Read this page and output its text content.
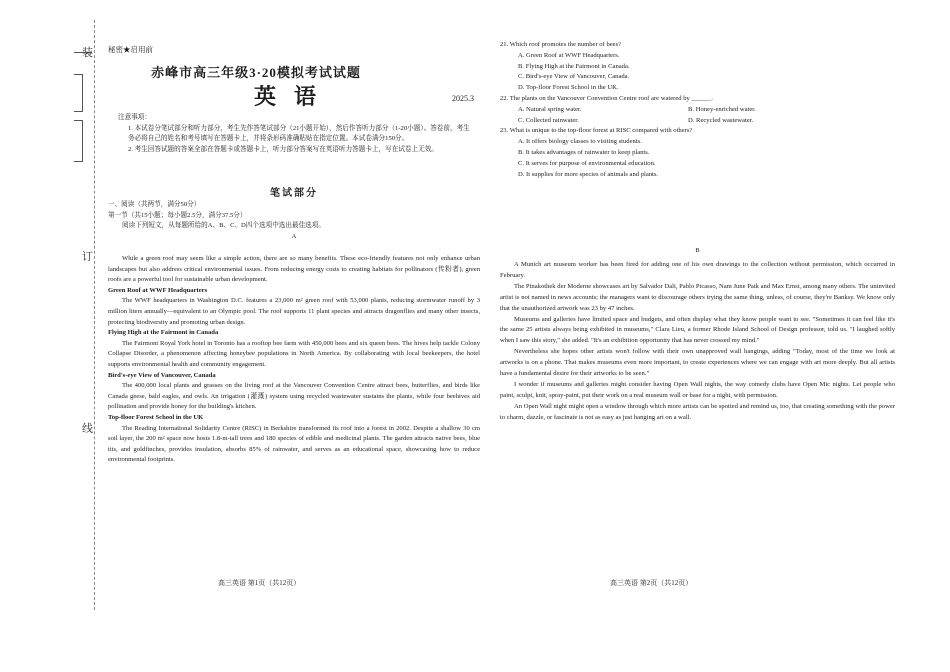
装
订
线
秘密★启用前
赤峰市高三年级3·20模拟考试试题
英语	2025.3

注意事项：

1. 本试卷分笔试部分和听力部分，考生先作答笔试部分（21小题开始），然后作答听力部分（1-20小题）。答卷前，考生务必将自己的姓名和考号填写在答题卡上，并将条形码准确粘贴在指定位置。本试卷满分150分。

2. 考生回答试题的答案全部在答题卡或答题卡上，听力部分答案写在英语听力答题卡上，写在试卷上无效。

笔试部分

一、阅读（共两节，满分50分）

第一节（共15小题；每小题2.5分，满分37.5分）

阅读下列短文，从每题所给的A、B、C、D四个选项中选出最佳选项。

A

While a green roof may seem like a simple action, there are so many benefits. These eco-friendly features not only enhance urban landscapes but also address critical environmental issues. From reducing energy costs to creating habitats for pollinators (传粉者), green roofs are a powerful tool for sustainable urban development.

Green Roof at WWF Headquarters

The WWF headquarters in Washington D.C. features a 23,000 m² green roof with 53,000 plants, reducing stormwater runoff by 3 million liters annually—equivalent to an Olympic pool. The roof supports 11 plant species and attracts dragonflies and many other insects, protecting biodiversity and promoting urban design.

Flying High at the Fairmont in Canada

The Fairmont Royal York hotel in Toronto has a rooftop bee farm with 450,000 bees and six queen bees. The hives help tackle Colony Collapse Disorder, a phenomenon affecting honeybee populations in North America. By collaborating with local beekeepers, the hotel supports environmental health and community engagement.

Bird's-eye View of Vancouver, Canada

The 400,000 local plants and grasses on the living roof at the Vancouver Convention Centre attract bees, butterflies, and birds like Canada geese, bald eagles, and owls. An irrigation (灌溉) system using recycled wastewater sustains the plants, while four beehives aid pollination and provide honey for the building's kitchen.

Top-floor Forest School in the UK

The Reading International Solidarity Centre (RISC) in Berkshire transformed its roof into a forest in 2002. Despite a shallow 30 cm soil layer, the 200 m² space now hosts 1.8-m-tall trees and 180 species of edible and medicinal plants. The garden attracts native bees, blue tits, and goldfinches, provides insulation, absorbs 85% of rainwater, and serves as an educational space, showcasing how to reduce environmental footprints.

高三英语 第1页（共12页）

21. Which roof promotes the number of bees?

A. Green Roof at WWF Headquarters.

B. Flying High at the Fairmont in Canada.

C. Bird's-eye View of Vancouver, Canada.

D. Top-floor Forest School in the UK.

22. The plants on the Vancouver Convention Centre roof are watered by ______.

A. Natural spring water.	B. Honey-enriched water.
C. Collected rainwater.	D. Recycled wastewater.

23. What is unique to the top-floor forest at RISC compared with others?

A. It offers biology classes to visiting students.

B. It takes advantages of rainwater to keep plants.

C. It serves for purpose of environmental education.

D. It supplies for more species of animals and plants.

B

A Munich art museum worker has been fired for adding one of his own drawings to the collection without permission, which occurred in February.

The Pinakothek der Moderne showcases art by Salvador Dali, Pablo Picasso, Nam June Paik and Max Ernst, among many others. The uninvited artist is not named in news accounts; the managers want to discourage others trying the same thing, unless, of course, they're Banksy. We know only that the unauthorized artwork was 23 by 47 inches.

Museums and galleries have limited space and budgets, and often display what they know people want to see. "Sometimes it can feel like it's the same 25 artists always being exhibited in museums," Clara Lieu, a former Rhode Island School of Design professor, told us. "I laughed softly when I saw this story," she added. "It's an exhibition opportunity that has never crossed my mind."

Nevertheless she hopes other artists won't follow with their own unapproved wall hangings, adding "Today, most of the time we look at artworks is on a phone. That makes museums even more important, to create experiences where we can engage with art more deeply. But all artists have a fundamental desire for their artworks to be seen."

I wonder if museums and galleries might consider having Open Wall nights, the way comedy clubs have Open Mic nights. Let people who paint, sculpt, knit, spray-paint, put their work on a real museum wall or base for a night, with permission.

An Open Wall night might open a window through which more artists can be spotted and remind us, too, that creating something with the power to charm, dazzle, or fascinate is not as easy as just hanging art on a wall.

高三英语 第2页（共12页）
